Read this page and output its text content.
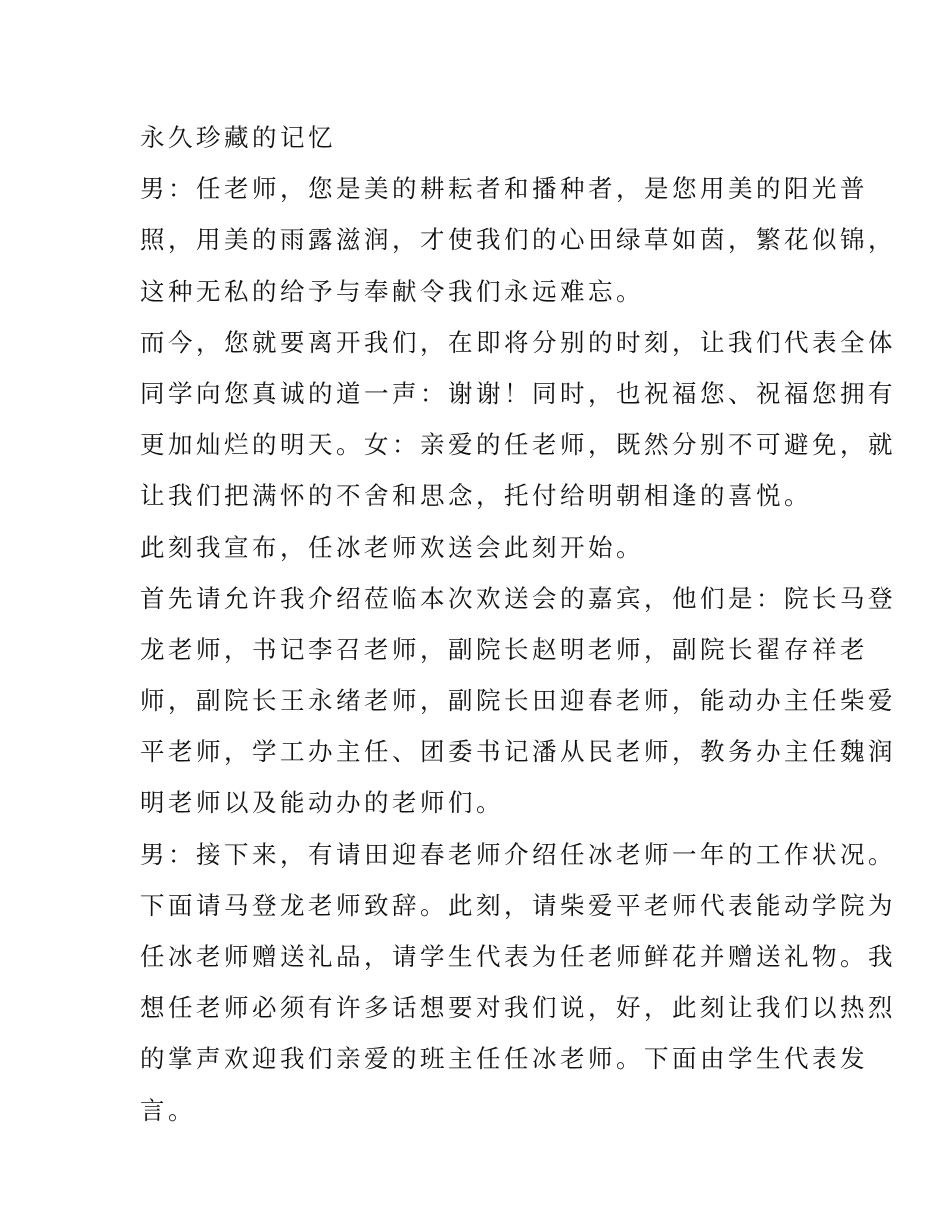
永久珍藏的记忆
男：任老师，您是美的耕耘者和播种者，是您用美的阳光普
照，用美的雨露滋润，才使我们的心田绿草如茵，繁花似锦，
这种无私的给予与奉献令我们永远难忘。
而今，您就要离开我们，在即将分别的时刻，让我们代表全体
同学向您真诚的道一声：谢谢！同时，也祝福您、祝福您拥有
更加灿烂的明天。女：亲爱的任老师，既然分别不可避免，就
让我们把满怀的不舍和思念，托付给明朝相逢的喜悦。
此刻我宣布，任冰老师欢送会此刻开始。
首先请允许我介绍莅临本次欢送会的嘉宾，他们是：院长马登
龙老师，书记李召老师，副院长赵明老师，副院长翟存祥老
师，副院长王永绪老师，副院长田迎春老师，能动办主任柴爱
平老师，学工办主任、团委书记潘从民老师，教务办主任魏润
明老师以及能动办的老师们。
男：接下来，有请田迎春老师介绍任冰老师一年的工作状况。
下面请马登龙老师致辞。此刻，请柴爱平老师代表能动学院为
任冰老师赠送礼品，请学生代表为任老师鲜花并赠送礼物。我
想任老师必须有许多话想要对我们说，好，此刻让我们以热烈
的掌声欢迎我们亲爱的班主任任冰老师。下面由学生代表发
言。
